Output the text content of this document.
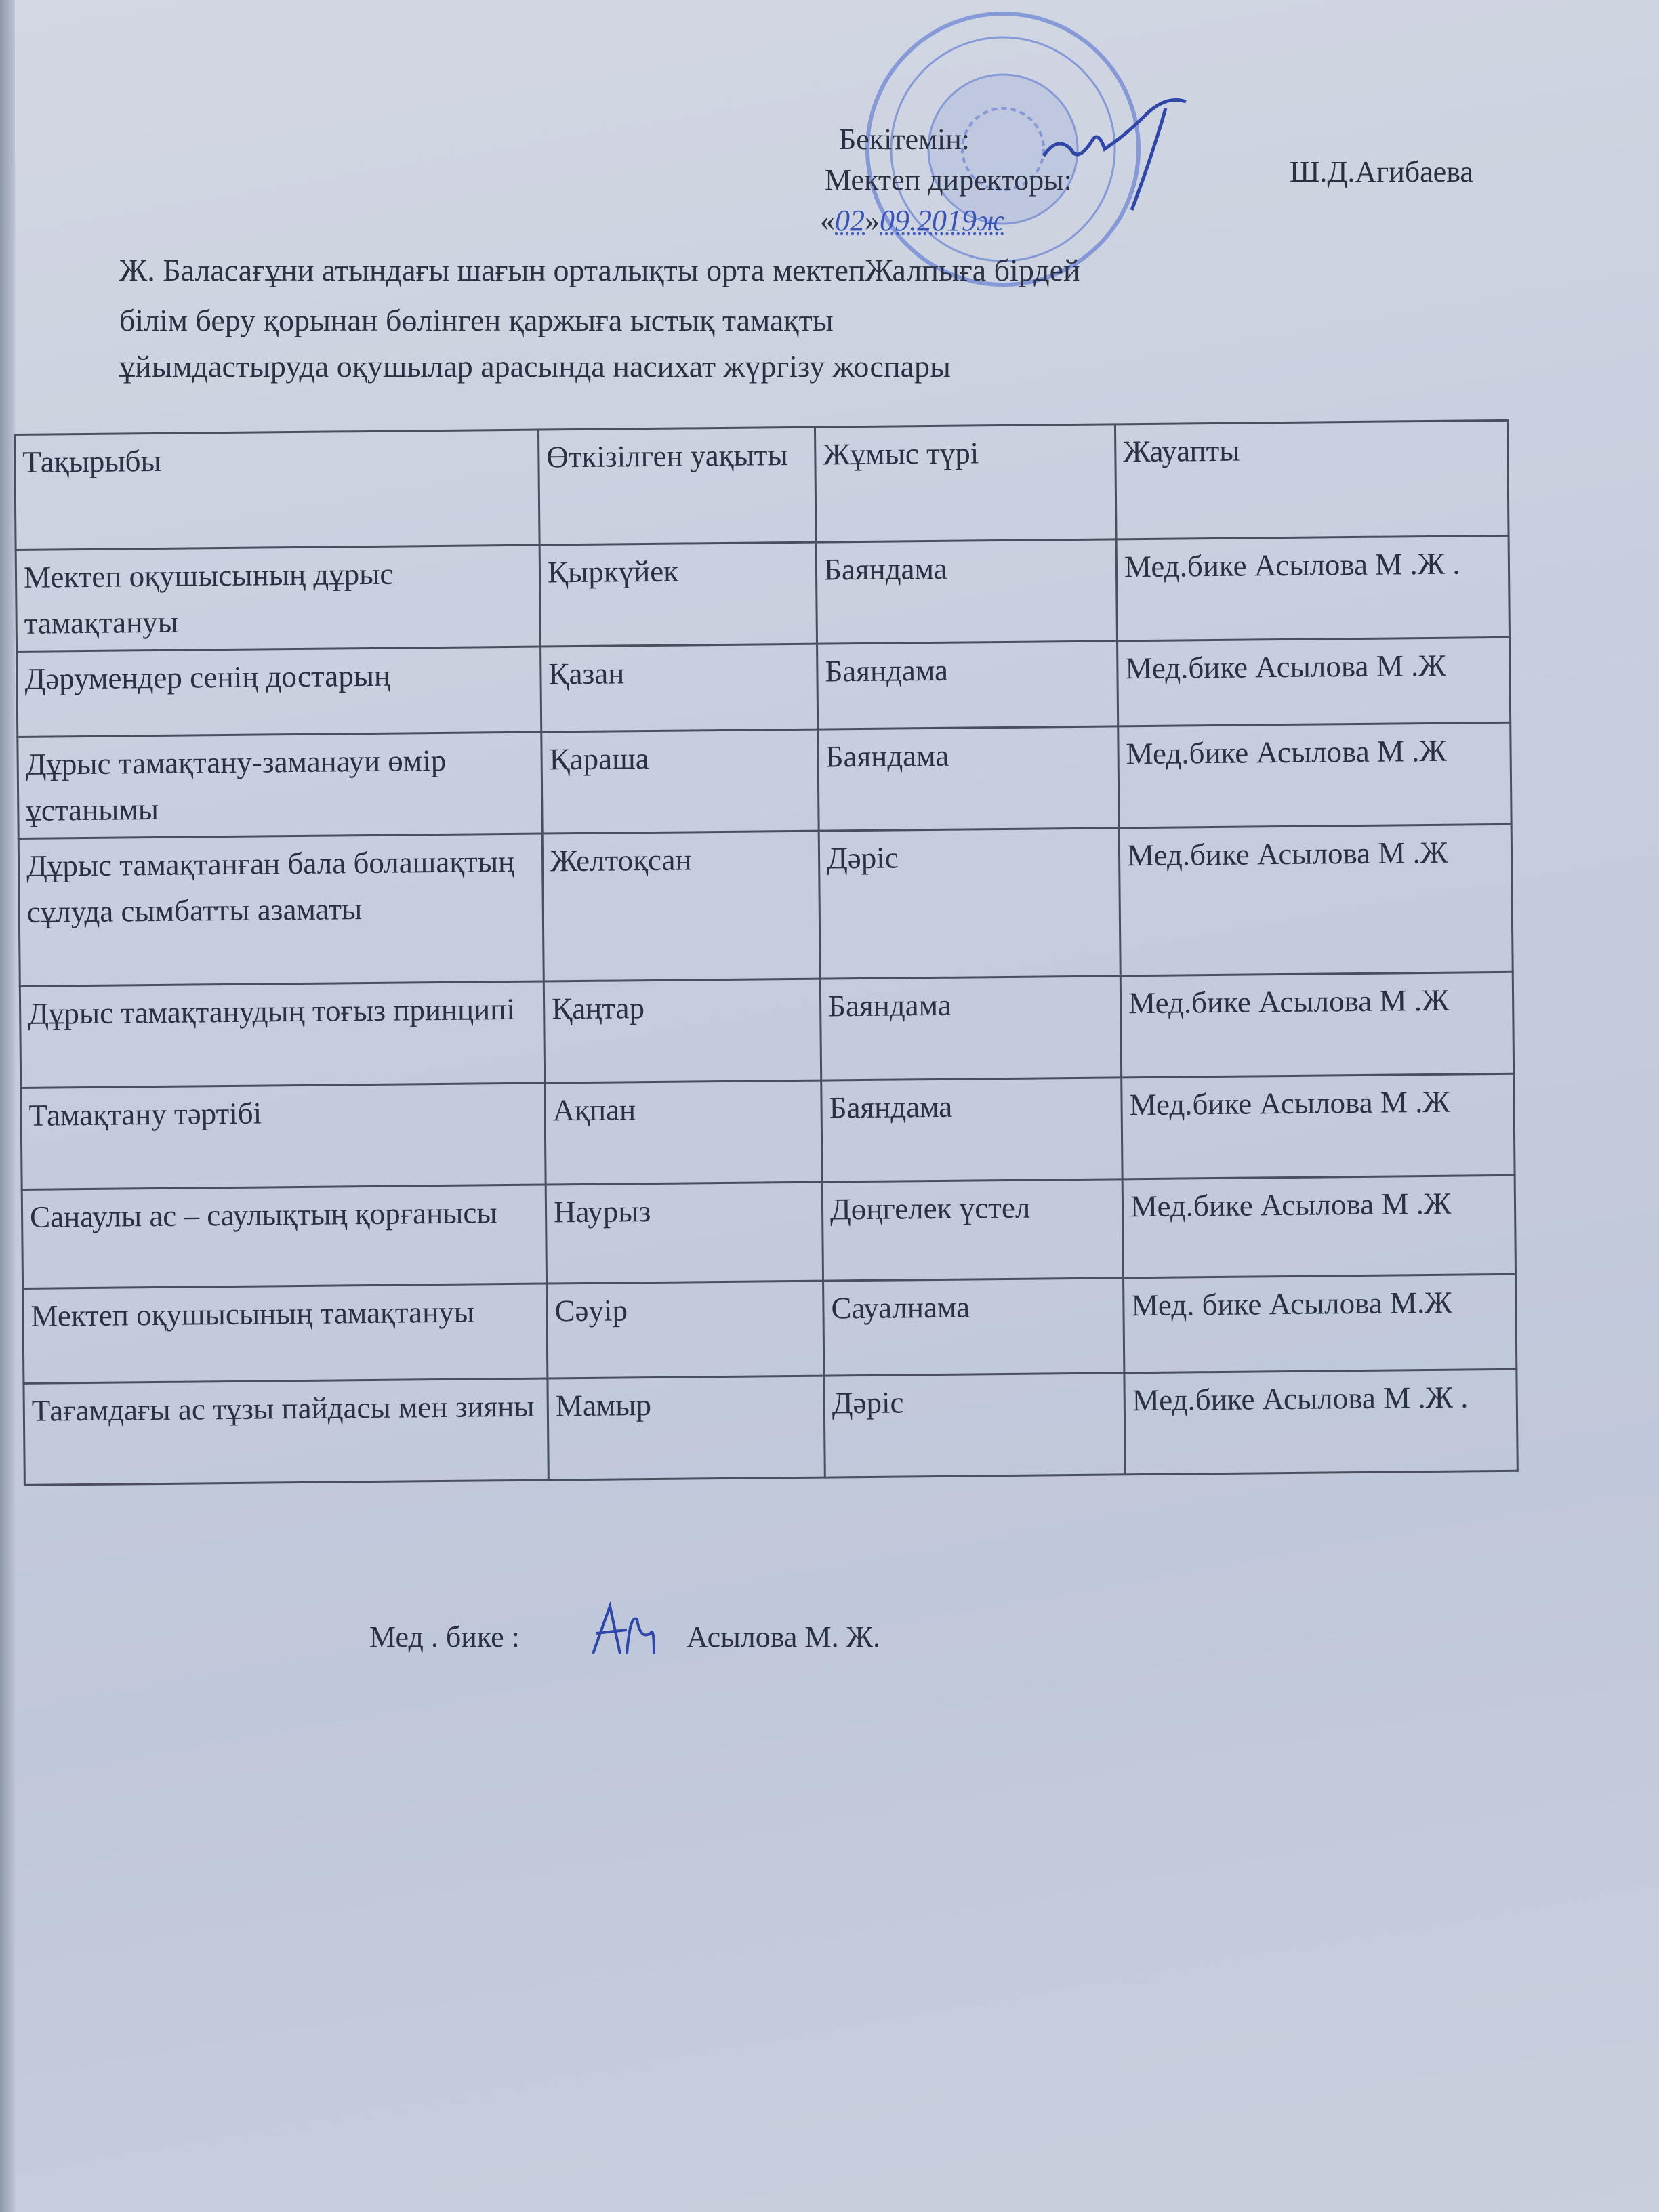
Бекітемін:
Мектеп директоры:	Ш.Д.Агибаева
«02»09.2019ж
Ж. Баласағұни атындағы шағын орталықты орта мектепЖалпыға бірдей
білім беру қорынан бөлінген қаржыға ыстық тамақты
ұйымдастыруда оқушылар арасында насихат жүргізу жоспары
Тақырыбы	Өткізілген уақыты	Жұмыс түрі	Жауапты
Мектеп оқушысының дұрыс тамақтануы	Қыркүйек	Баяндама	Мед.бике Асылова М .Ж .
Дәрумендер сенің достарың	Қазан	Баяндама	Мед.бике Асылова М .Ж
Дұрыс тамақтану-заманауи өмір ұстанымы	Қараша	Баяндама	Мед.бике Асылова М .Ж
Дұрыс тамақтанған бала болашақтың сұлуда сымбатты азаматы	Желтоқсан	Дәріс	Мед.бике Асылова М .Ж
Дұрыс тамақтанудың тоғыз принципі	Қаңтар	Баяндама	Мед.бике Асылова М .Ж
Тамақтану тәртібі	Ақпан	Баяндама	Мед.бике Асылова М .Ж
Санаулы ас – саулықтың қорғанысы	Наурыз	Дөңгелек үстел	Мед.бике Асылова М .Ж
Мектеп оқушысының тамақтануы	Сәуір	Сауалнама	Мед. бике Асылова М.Ж
Тағамдағы ас тұзы пайдасы мен зияны	Мамыр	Дәріс	Мед.бике Асылова М .Ж .
Мед . бике :	Асылова М. Ж.
